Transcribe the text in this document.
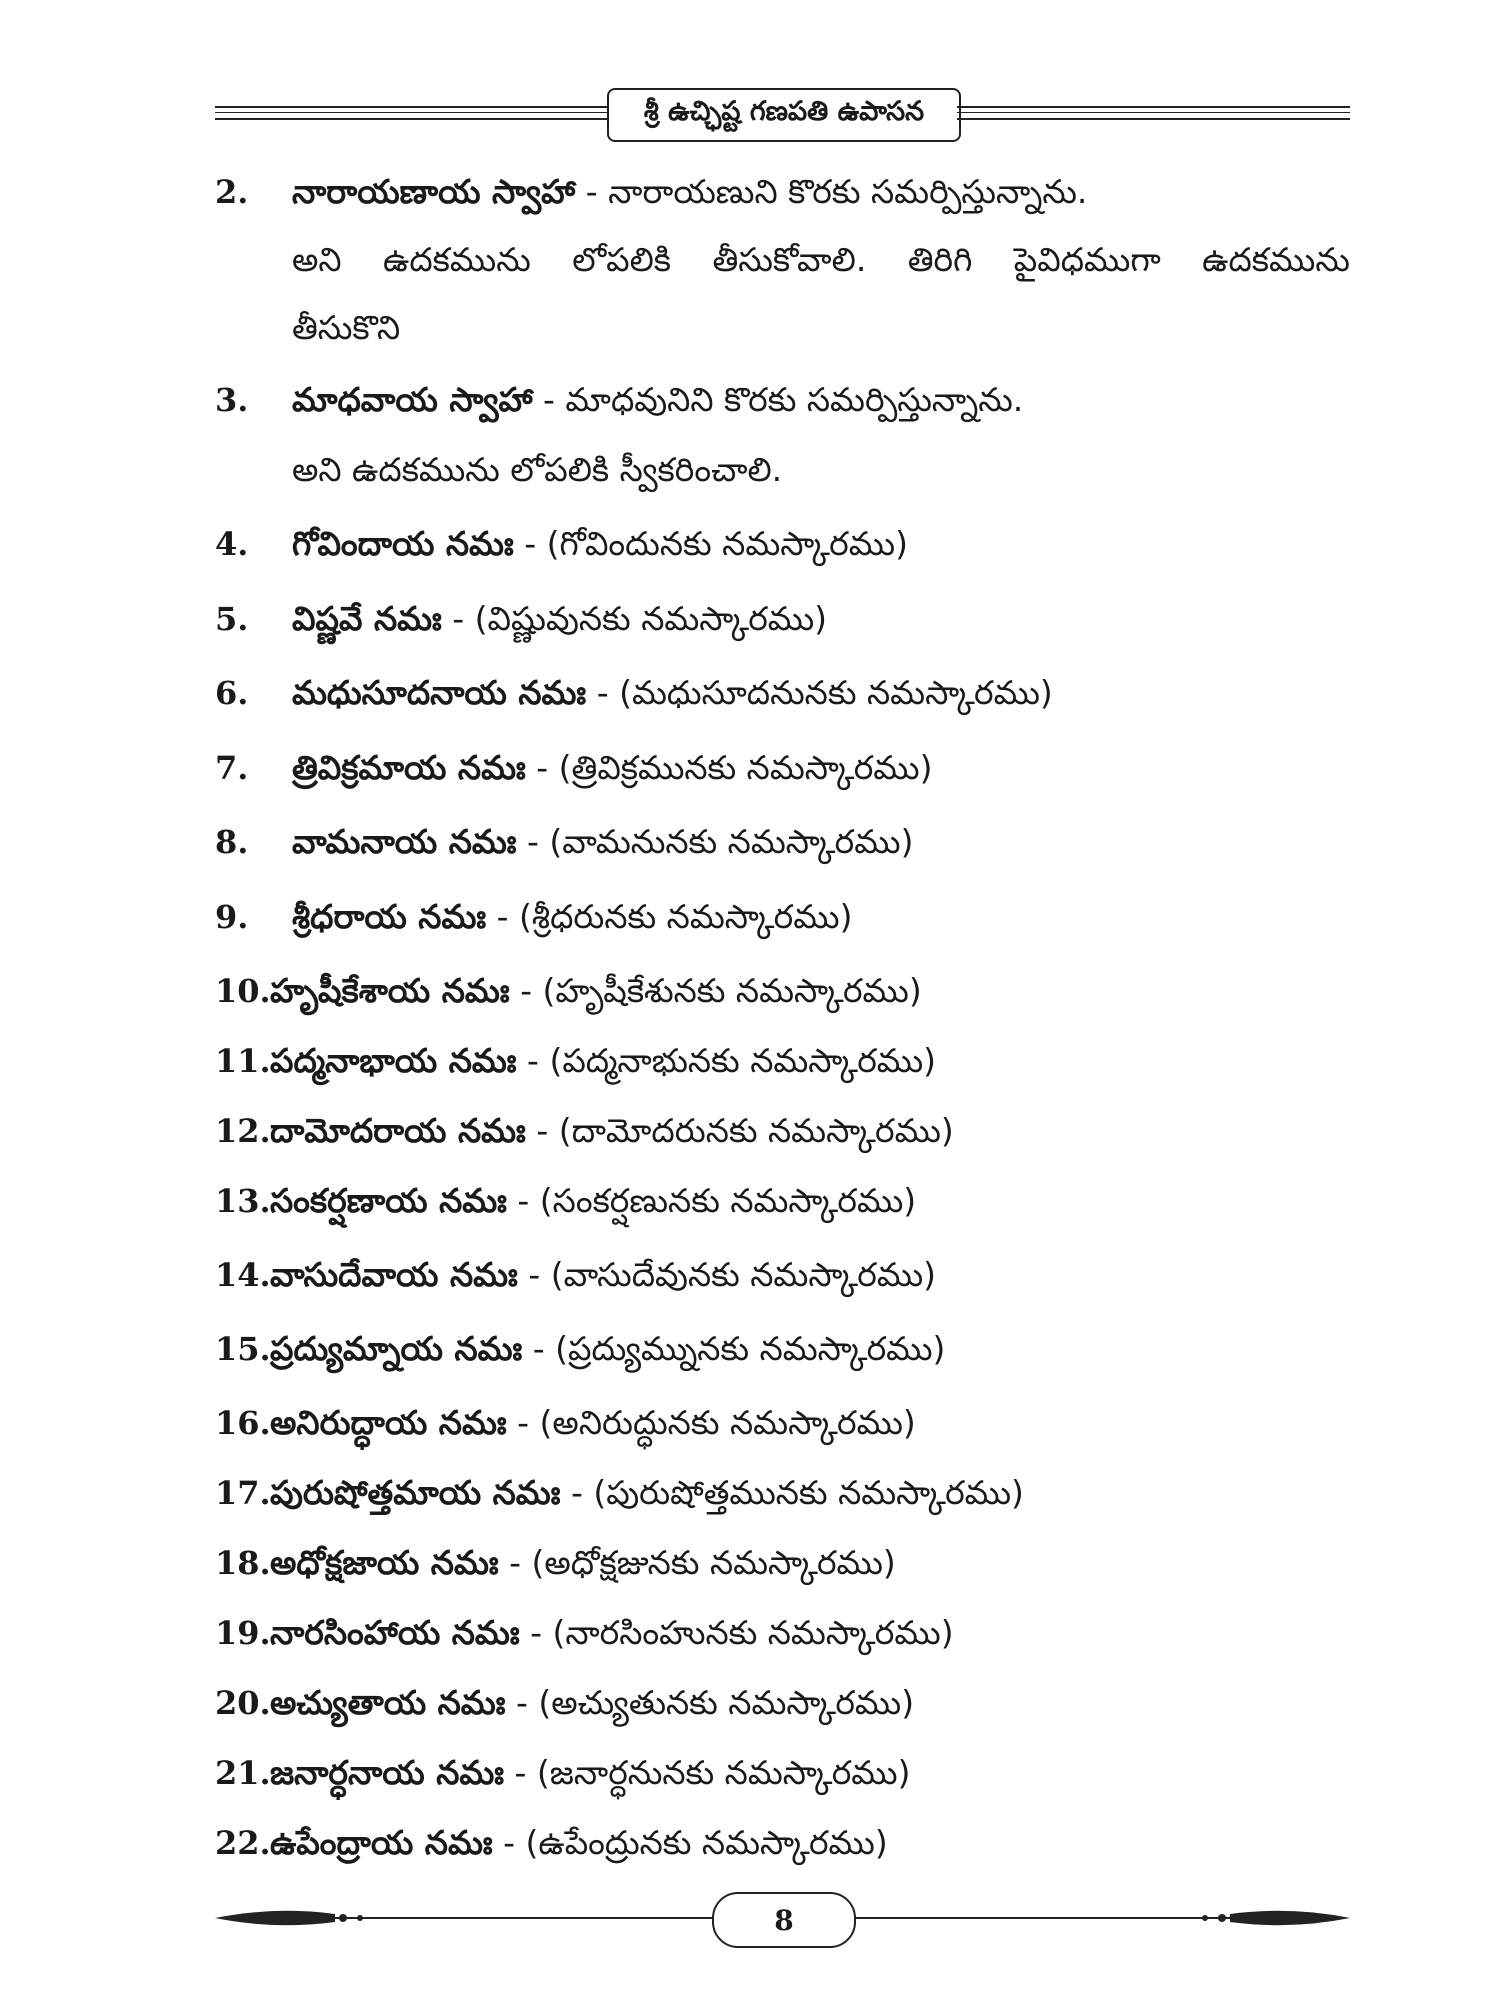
శ్రీ ఉచ్ఛిష్ట గణపతి ఉపాసన
2. నారాయణాయ స్వాహా - నారాయణుని కొరకు సమర్పిస్తున్నాను.
అని ఉదకమును లోపలికి తీసుకోవాలి. తిరిగి పైవిధముగా ఉదకమును
తీసుకొని
3. మాధవాయ స్వాహా - మాధవునిని కొరకు సమర్పిస్తున్నాను.
అని ఉదకమును లోపలికి స్వీకరించాలి.
4. గోవిందాయ నమః - (గోవిందునకు నమస్కారము)
5. విష్ణవే నమః - (విష్ణువునకు నమస్కారము)
6. మధుసూదనాయ నమః - (మధుసూదనునకు నమస్కారము)
7. త్రివిక్రమాయ నమః - (త్రివిక్రమునకు నమస్కారము)
8. వామనాయ నమః - (వామనునకు నమస్కారము)
9. శ్రీధరాయ నమః - (శ్రీధరునకు నమస్కారము)
10. హృషీకేశాయ నమః - (హృషీకేశునకు నమస్కారము)
11. పద్మనాభాయ నమః - (పద్మనాభునకు నమస్కారము)
12. దామోదరాయ నమః - (దామోదరునకు నమస్కారము)
13. సంకర్షణాయ నమః - (సంకర్షణునకు నమస్కారము)
14. వాసుదేవాయ నమః - (వాసుదేవునకు నమస్కారము)
15. ప్రద్యుమ్నాయ నమః - (ప్రద్యుమ్నునకు నమస్కారము)
16. అనిరుద్ధాయ నమః - (అనిరుద్ధునకు నమస్కారము)
17. పురుషోత్తమాయ నమః - (పురుషోత్తమునకు నమస్కారము)
18. అధోక్షజాయ నమః - (అధోక్షజునకు నమస్కారము)
19. నారసింహాయ నమః - (నారసింహునకు నమస్కారము)
20. అచ్యుతాయ నమః - (అచ్యుతునకు నమస్కారము)
21. జనార్ధనాయ నమః - (జనార్ధనునకు నమస్కారము)
22. ఉపేంద్రాయ నమః - (ఉపేంద్రునకు నమస్కారము)
8
